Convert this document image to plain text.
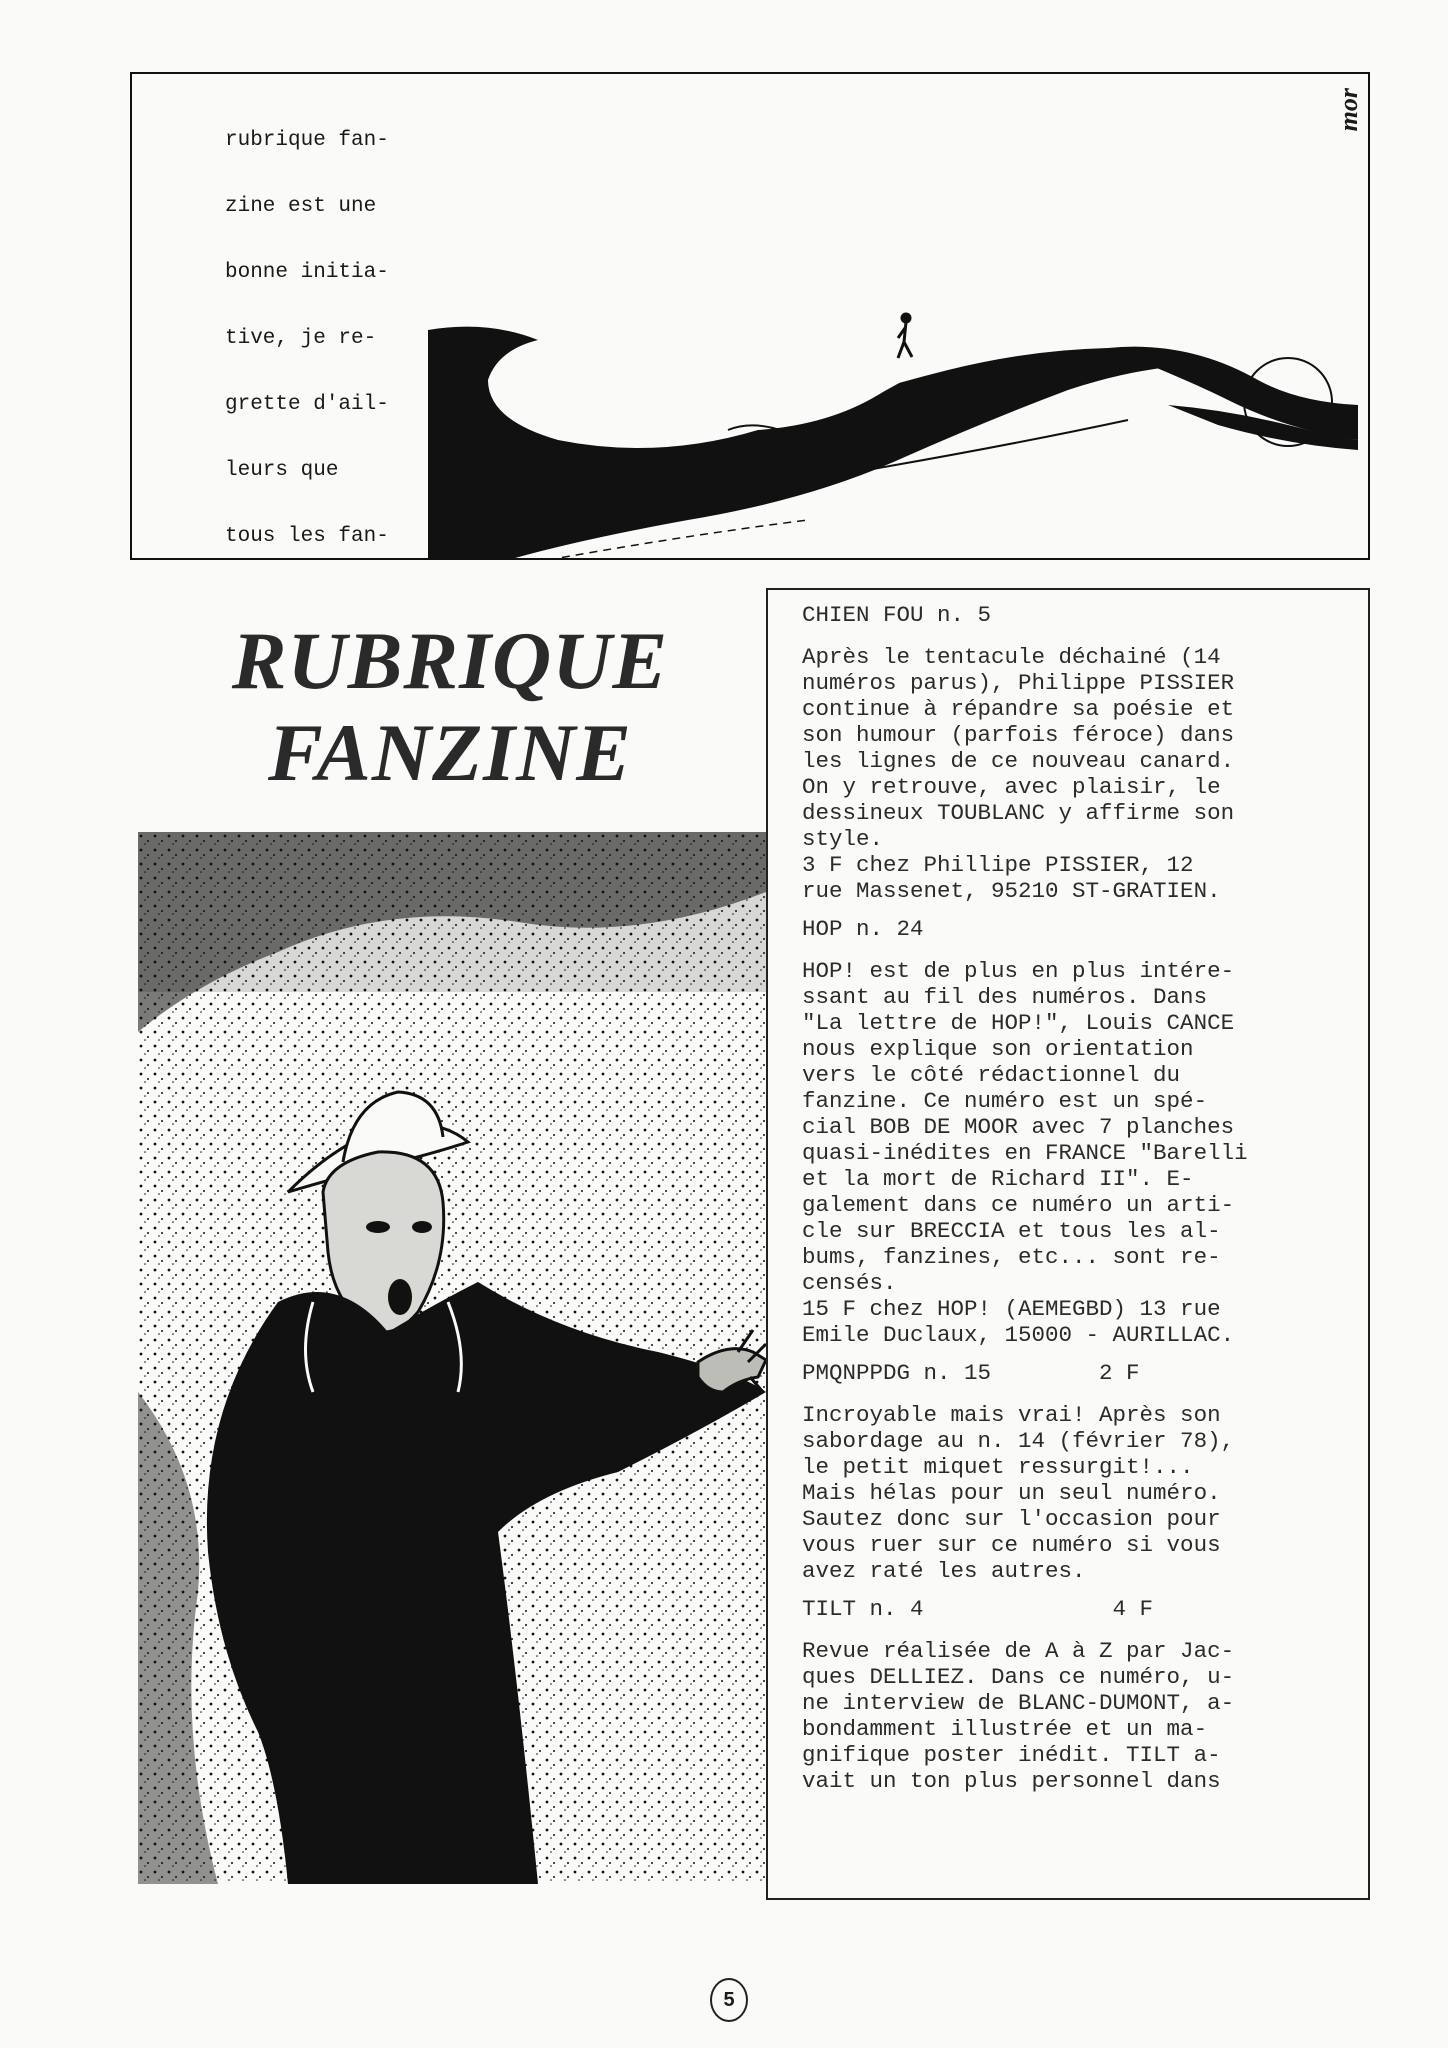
rubrique fan-

zine est une

bonne initia-

tive, je re-

grette d'ail-

leurs que

tous les fan-

mor
RUBRIQUE
FANZINE
CHIEN FOU n. 5
Après le tentacule déchainé (14
numéros parus), Philippe PISSIER
continue à répandre sa poésie et
son humour (parfois féroce) dans
les lignes de ce nouveau canard.
On y retrouve, avec plaisir, le
dessineux TOUBLANC y affirme son
style.
3 F chez Phillipe PISSIER, 12
rue Massenet, 95210 ST-GRATIEN.
HOP n. 24
HOP! est de plus en plus intére-
ssant au fil des numéros. Dans
"La lettre de HOP!", Louis CANCE
nous explique son orientation
vers le côté rédactionnel du
fanzine. Ce numéro est un spé-
cial BOB DE MOOR avec 7 planches
quasi-inédites en FRANCE "Barelli
et la mort de Richard II". E-
galement dans ce numéro un arti-
cle sur BRECCIA et tous les al-
bums, fanzines, etc... sont re-
censés.
15 F chez HOP! (AEMEGBD) 13 rue
Emile Duclaux, 15000 - AURILLAC.
PMQNPPDG n. 15        2 F
Incroyable mais vrai! Après son
sabordage au n. 14 (février 78),
le petit miquet ressurgit!...
Mais hélas pour un seul numéro.
Sautez donc sur l'occasion pour
vous ruer sur ce numéro si vous
avez raté les autres.
TILT n. 4              4 F
Revue réalisée de A à Z par Jac-
ques DELLIEZ. Dans ce numéro, u-
ne interview de BLANC-DUMONT, a-
bondamment illustrée et un ma-
gnifique poster inédit. TILT a-
vait un ton plus personnel dans
5
